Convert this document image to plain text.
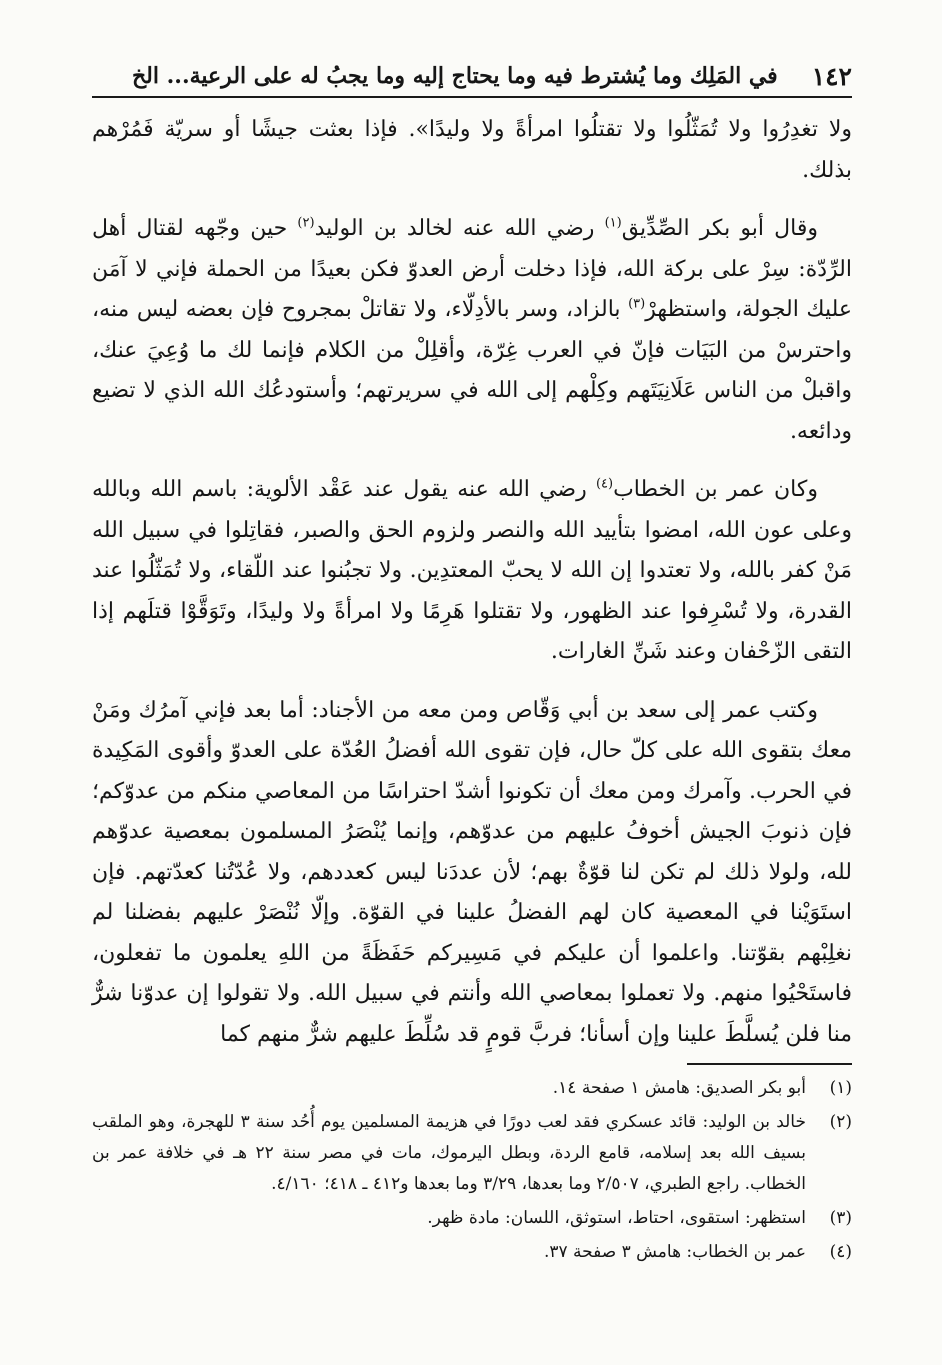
١٤٢
في المَلِك وما يُشترط فيه وما يحتاج إليه وما يجبُ له على الرعية... الخ

ولا تغدِرُوا ولا تُمَثّلُوا ولا تقتلُوا امرأةً ولا وليدًا». فإذا بعثت جيشًا أو سريّة فَمُرْهم بذلك.

وقال أبو بكر الصِّدِّيق$^{(١)}$ رضي الله عنه لخالد بن الوليد$^{(٢)}$ حين وجّهه لقتال أهل الرِّدّة: سِرْ على بركة الله، فإذا دخلت أرض العدوّ فكن بعيدًا من الحملة فإني لا آمَن عليك الجولة، واستظهرْ$^{(٣)}$ بالزاد، وسر بالأدِلّاء، ولا تقاتلْ بمجروح فإن بعضه ليس منه، واحترسْ من البَيَات فإنّ في العرب غِرّة، وأقلِلْ من الكلام فإنما لك ما وُعِيَ عنك، واقبلْ من الناس عَلَانِيَتَهم وكِلْهم إلى الله في سريرتهم؛ وأستودعُك الله الذي لا تضيع ودائعه.

وكان عمر بن الخطاب$^{(٤)}$ رضي الله عنه يقول عند عَقْد الألوية: باسم الله وبالله وعلى عون الله، امضوا بتأييد الله والنصر ولزوم الحق والصبر، فقاتِلوا في سبيل الله مَنْ كفر بالله، ولا تعتدوا إن الله لا يحبّ المعتدِين. ولا تجبُنوا عند اللّقاء، ولا تُمَثّلُوا عند القدرة، ولا تُسْرِفوا عند الظهور، ولا تقتلوا هَرِمًا ولا امرأةً ولا وليدًا، وتَوَقَّوْا قتلَهم إذا التقى الزّحْفان وعند شَنِّ الغارات.

وكتب عمر إلى سعد بن أبي وَقّاص ومن معه من الأجناد: أما بعد فإني آمرُك ومَنْ معك بتقوى الله على كلّ حال، فإن تقوى الله أفضلُ العُدّة على العدوّ وأقوى المَكِيدة في الحرب. وآمرك ومن معك أن تكونوا أشدّ احتراسًا من المعاصي منكم من عدوّكم؛ فإن ذنوبَ الجيش أخوفُ عليهم من عدوّهم، وإنما يُنْصَرُ المسلمون بمعصية عدوّهم لله، ولولا ذلك لم تكن لنا قوّةٌ بهم؛ لأن عددَنا ليس كعددهم، ولا عُدّتُنا كعدّتهم. فإن استَوَيْنا في المعصية كان لهم الفضلُ علينا في القوّة. وإلّا نُنْصَرْ عليهم بفضلنا لم نغلِبْهم بقوّتنا. واعلموا أن عليكم في مَسِيركم حَفَظَةً من اللهِ يعلمون ما تفعلون، فاستَحْيُوا منهم. ولا تعملوا بمعاصي الله وأنتم في سبيل الله. ولا تقولوا إن عدوّنا شرٌّ منا فلن يُسلَّطَ علينا وإن أسأنا؛ فربَّ قومٍ قد سُلِّطَ عليهم شرٌّ منهم كما

(١)
أبو بكر الصديق: هامش ١ صفحة ١٤.
(٢)
خالد بن الوليد: قائد عسكري فقد لعب دورًا في هزيمة المسلمين يوم أُحُد سنة ٣ للهجرة، وهو الملقب بسيف الله بعد إسلامه، قامع الردة، وبطل اليرموك، مات في مصر سنة ٢٢ هـ في خلافة عمر بن الخطاب. راجع الطبري، ٢/٥٠٧ وما بعدها، ٣/٢٩ وما بعدها و٤١٢ ـ ٤١٨؛ ٤/١٦٠.
(٣)
استظهر: استقوى، احتاط، استوثق، اللسان: مادة ظهر.
(٤)
عمر بن الخطاب: هامش ٣ صفحة ٣٧.
